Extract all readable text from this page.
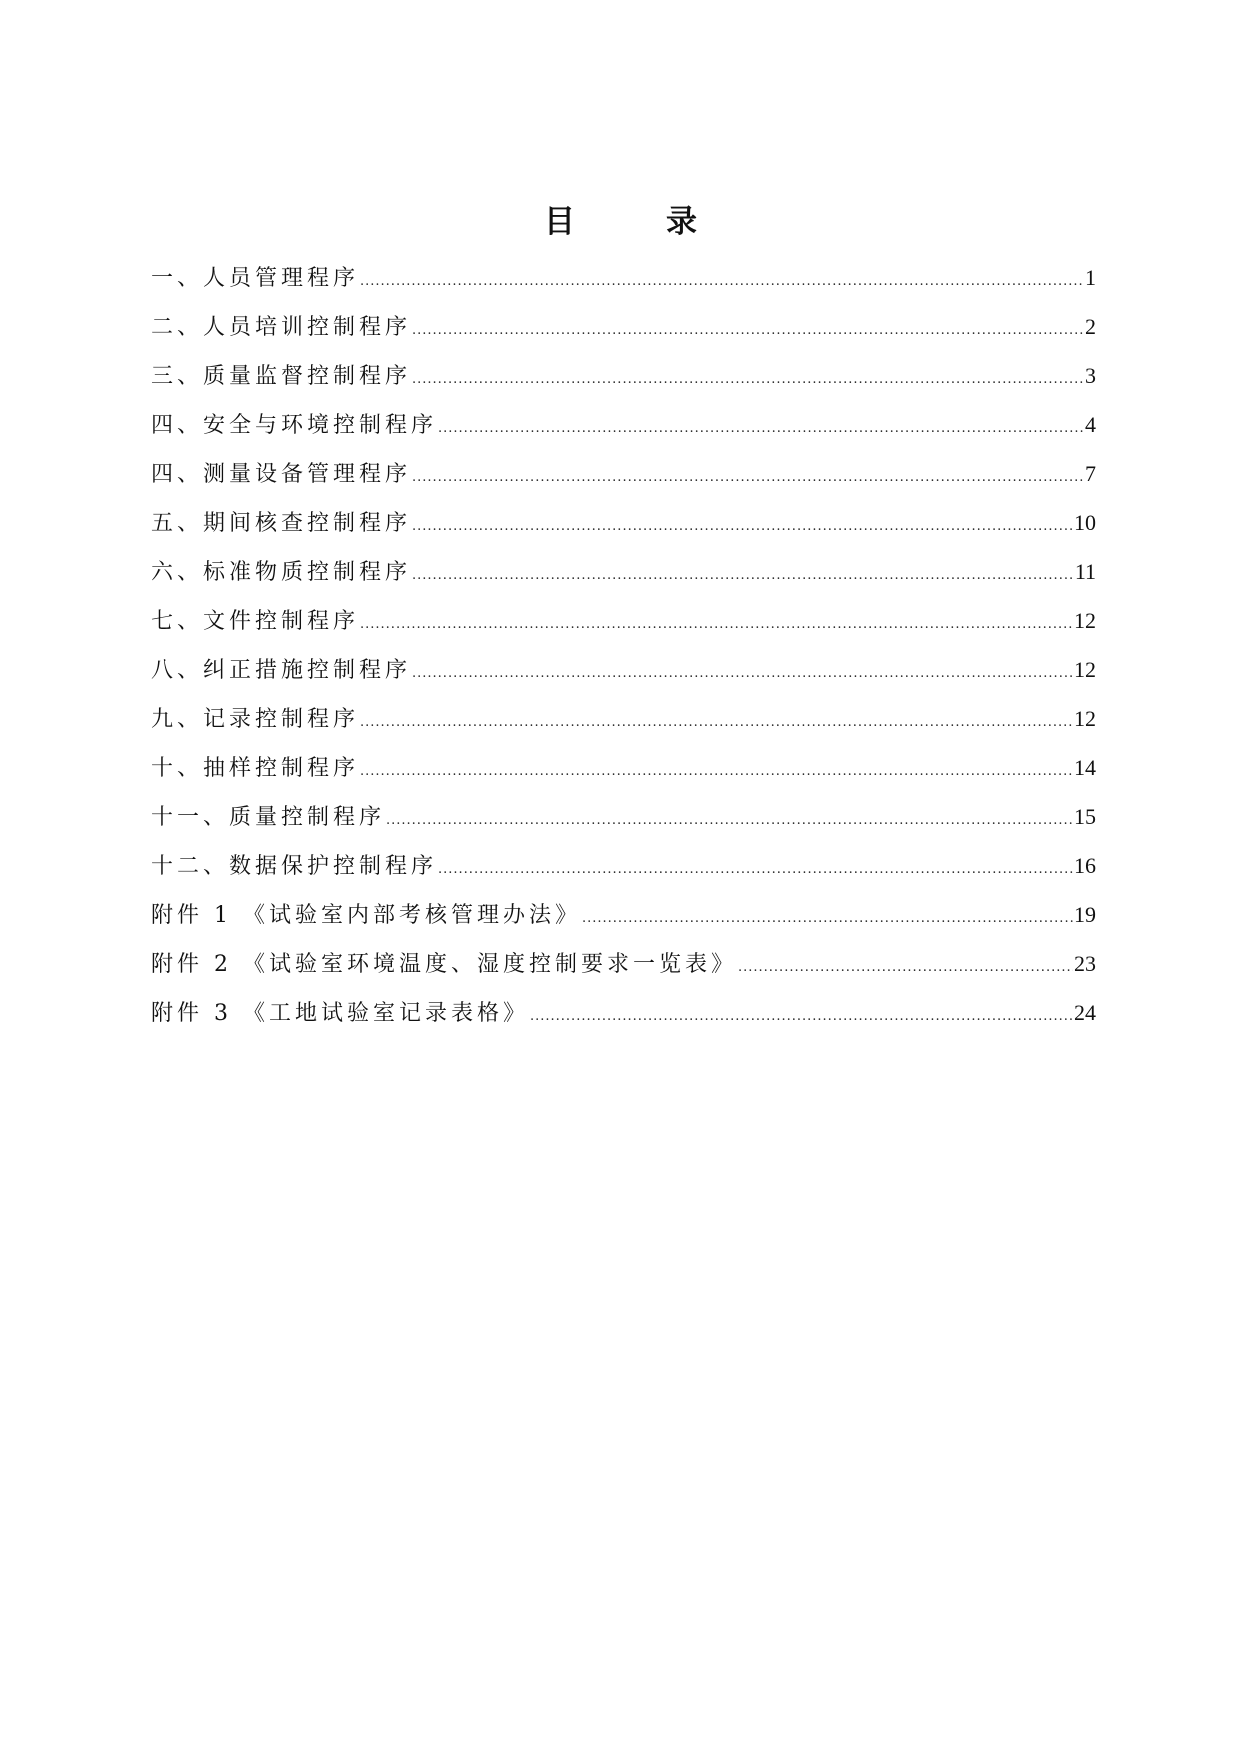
目　录
一、人员管理程序 .....	1
二、人员培训控制程序 .....	2
三、质量监督控制程序 .....	3
四、安全与环境控制程序 .....	4
四、测量设备管理程序 .....	7
五、期间核查控制程序 .....	10
六、标准物质控制程序 .....	11
七、文件控制程序 .....	12
八、纠正措施控制程序 .....	12
九、记录控制程序 .....	12
十、抽样控制程序 .....	14
十一、质量控制程序 .....	15
十二、数据保护控制程序 .....	16
附件 1 《试验室内部考核管理办法》 .....	19
附件 2 《试验室环境温度、湿度控制要求一览表》 .....	23
附件 3 《工地试验室记录表格》 .....	24
